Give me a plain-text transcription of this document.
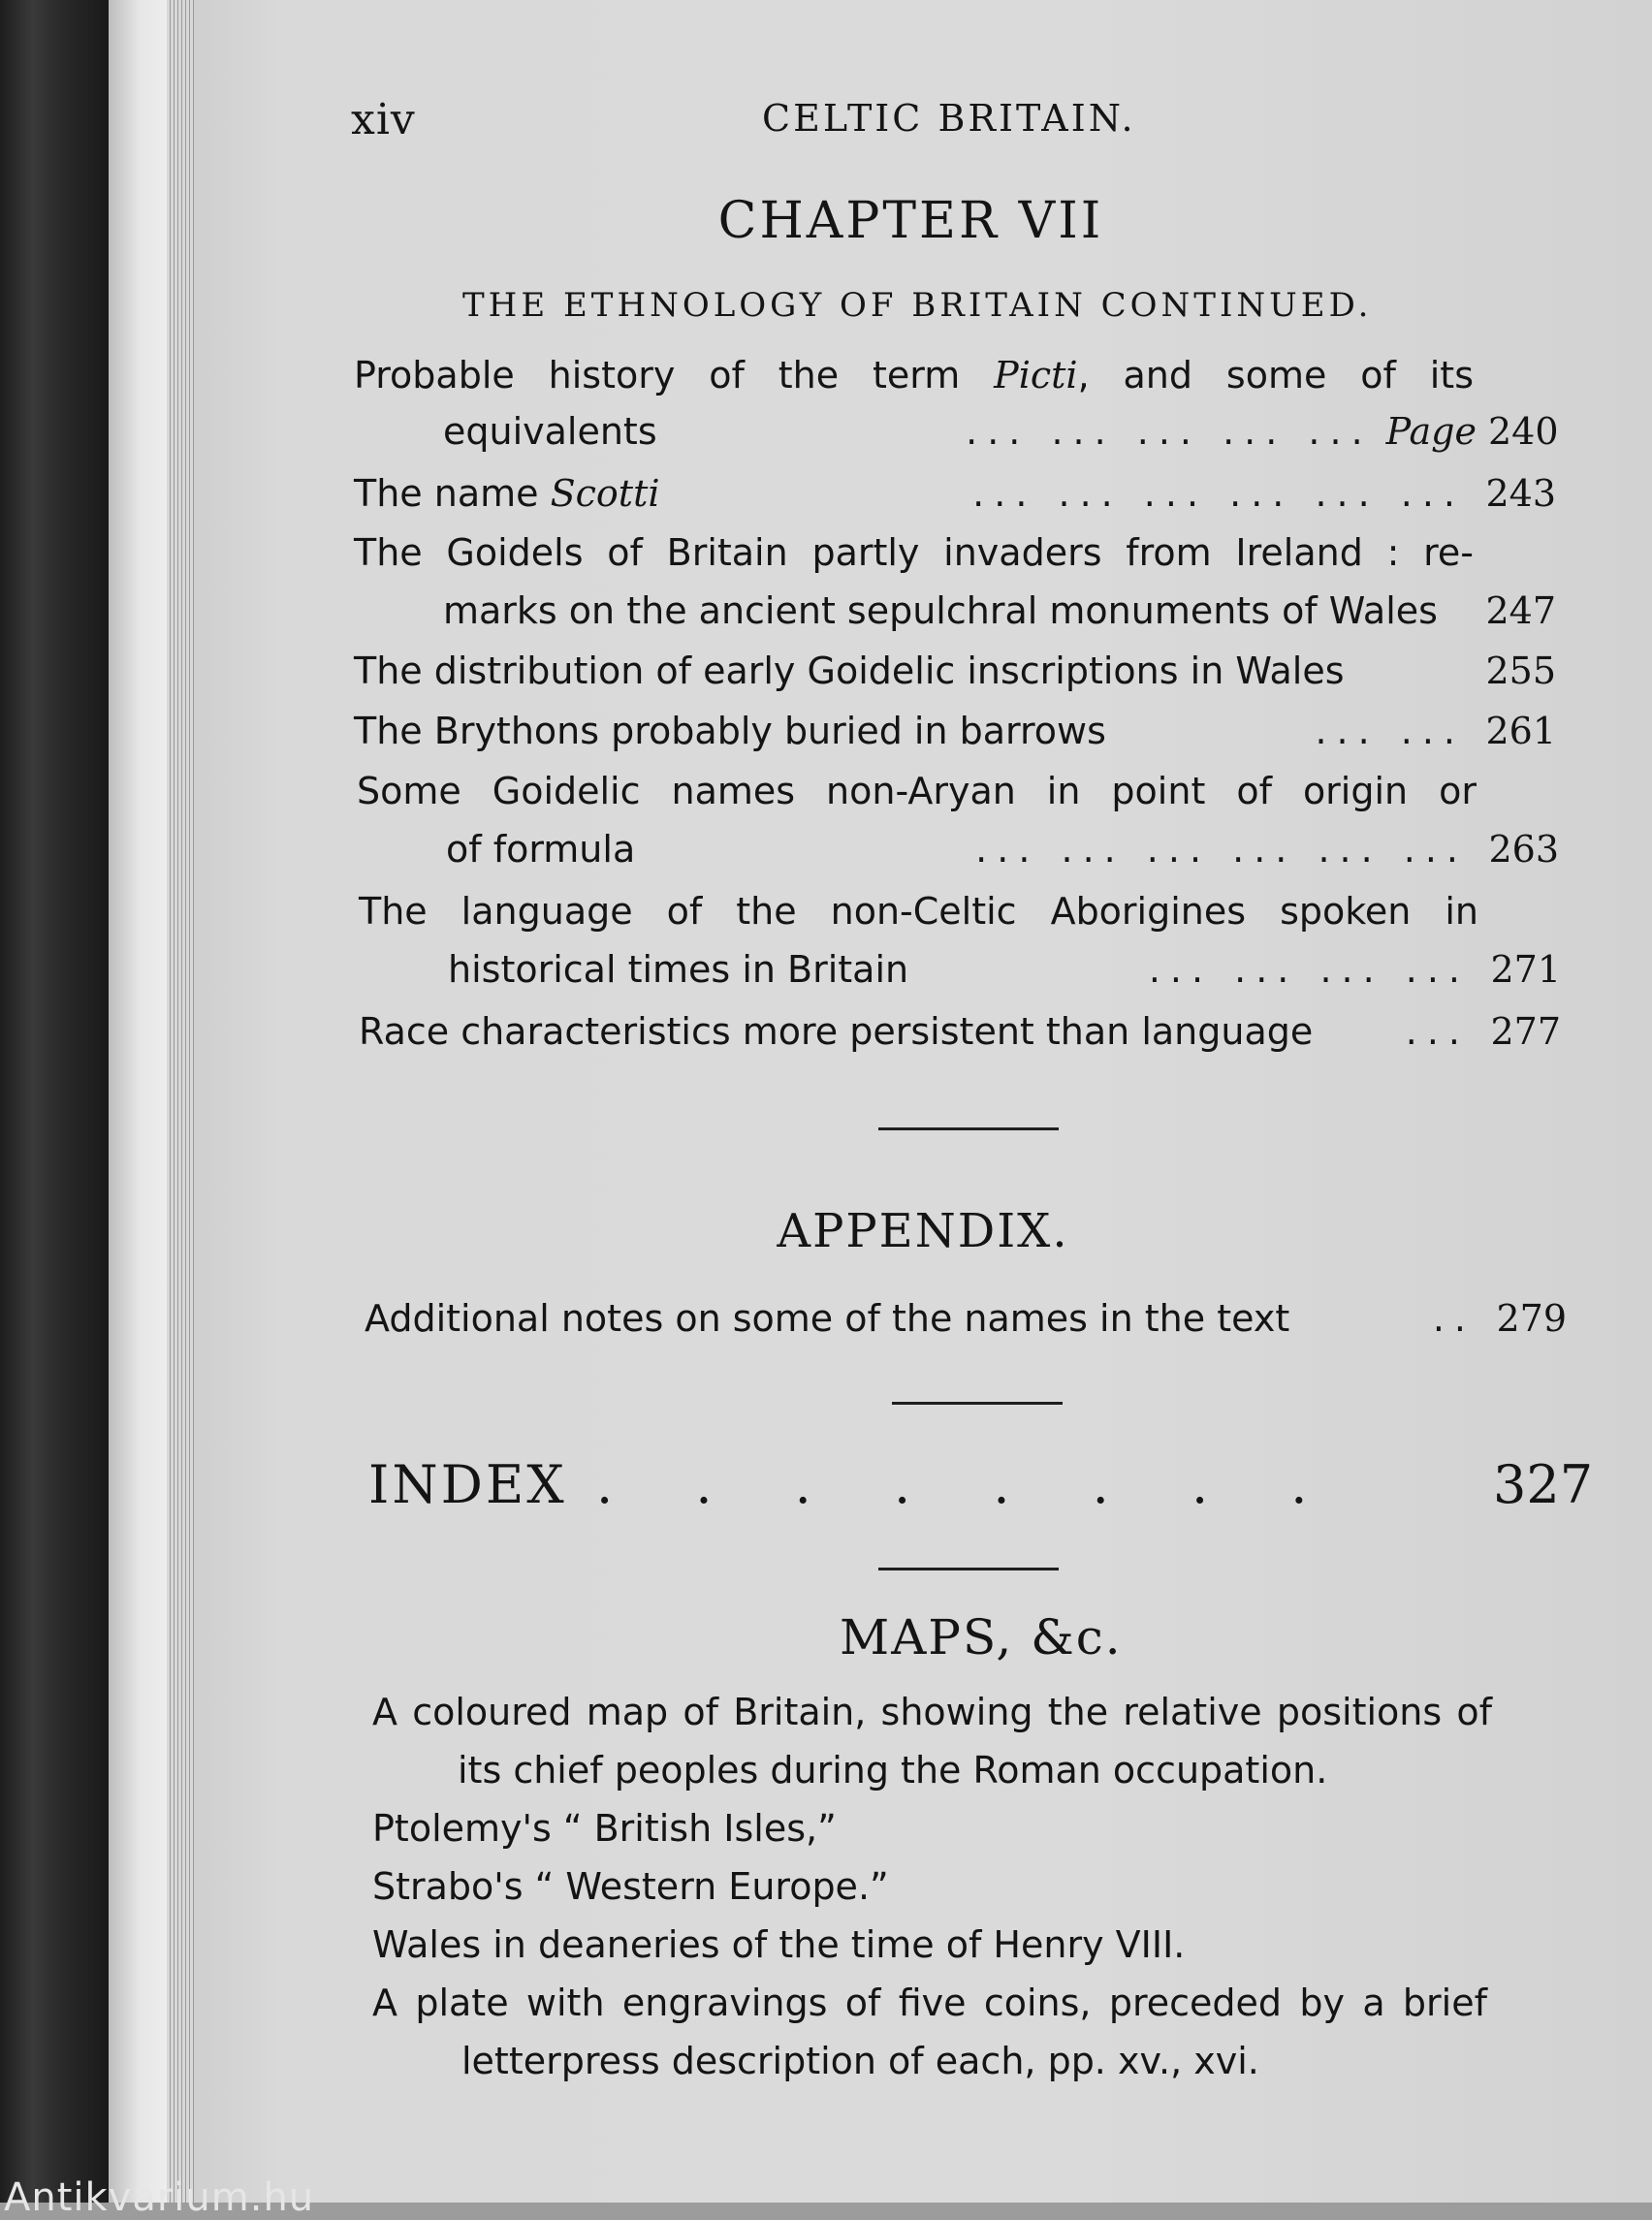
xiv	CELTIC BRITAIN.
CHAPTER VII
THE ETHNOLOGY OF BRITAIN CONTINUED.
Probable history of the term Picti, and some of its
equivalents	... ... ... ... ... Page 240
The name Scotti	... ... ... ... ... ... 243
The Goidels of Britain partly invaders from Ireland : re-
marks on the ancient sepulchral monuments of Wales 247
The distribution of early Goidelic inscriptions in Wales	255
The Brythons probably buried in barrows	... ... 261
Some Goidelic names non-Aryan in point of origin or
of formula	... ... ... ... ... ... 263
The language of the non-Celtic Aborigines spoken in
historical times in Britain	... ... ... ... 271
Race characteristics more persistent than language	... 277
APPENDIX.
Additional notes on some of the names in the text	.. 279
INDEX . . . . . . . .	327
MAPS, &c.
A coloured map of Britain, showing the relative positions of
its chief peoples during the Roman occupation.
Ptolemy's “ British Isles,”
Strabo's “ Western Europe.”
Wales in deaneries of the time of Henry VIII.
A plate with engravings of five coins, preceded by a brief
letterpress description of each, pp. xv., xvi.
Antikvarium.hu
